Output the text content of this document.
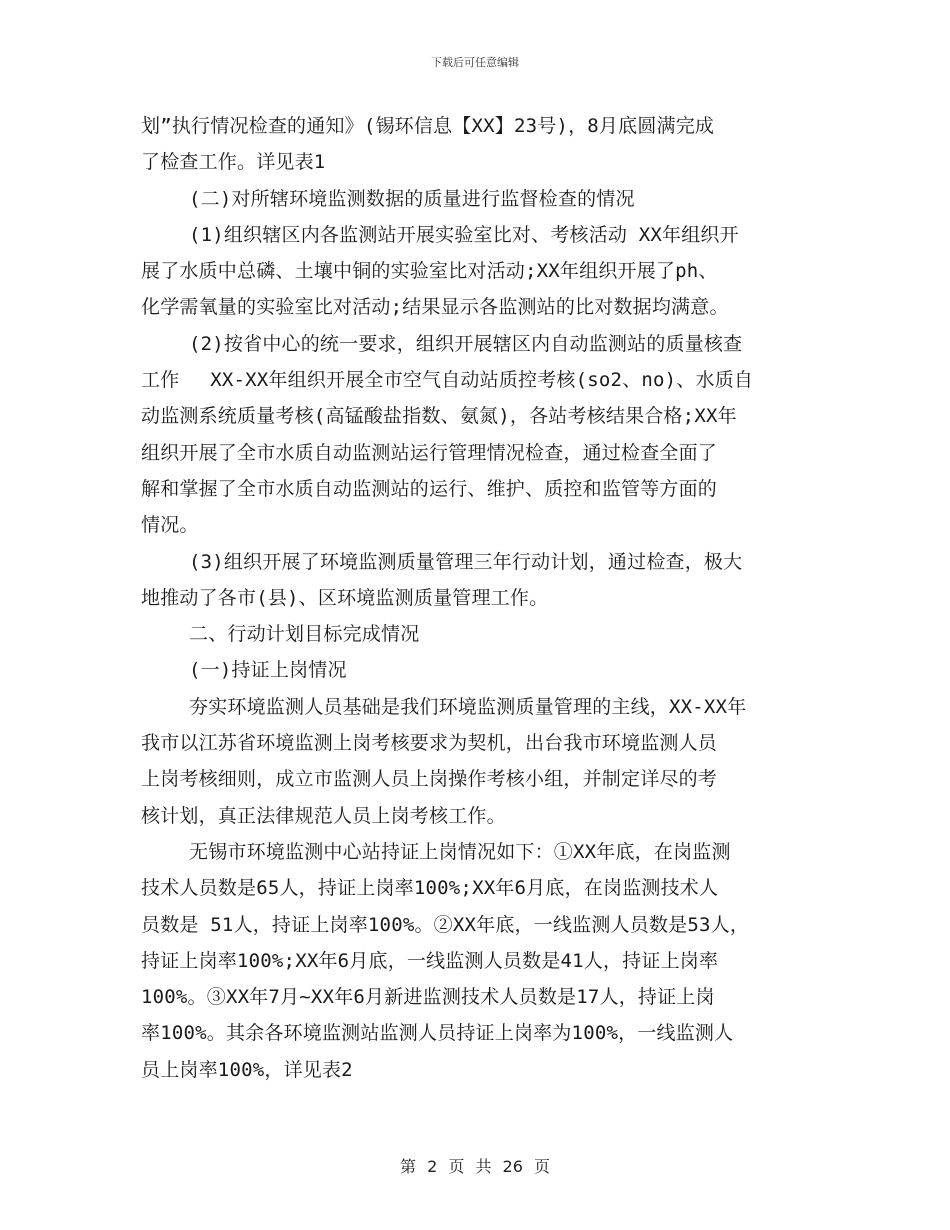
下载后可任意编辑
划”执行情况检查的通知》(锡环信息【XX】23号)，8月底圆满完成
了检查工作。详见表1
(二)对所辖环境监测数据的质量进行监督检查的情况
(1)组织辖区内各监测站开展实验室比对、考核活动 XX年组织开
展了水质中总磷、土壤中铜的实验室比对活动;XX年组织开展了ph、
化学需氧量的实验室比对活动;结果显示各监测站的比对数据均满意。
(2)按省中心的统一要求，组织开展辖区内自动监测站的质量核查
工作　 XX-XX年组织开展全市空气自动站质控考核(so2、no)、水质自
动监测系统质量考核(高锰酸盐指数、氨氮)，各站考核结果合格;XX年
组织开展了全市水质自动监测站运行管理情况检查，通过检查全面了
解和掌握了全市水质自动监测站的运行、维护、质控和监管等方面的
情况。
(3)组织开展了环境监测质量管理三年行动计划，通过检查，极大
地推动了各市(县)、区环境监测质量管理工作。
二、行动计划目标完成情况
(一)持证上岗情况
夯实环境监测人员基础是我们环境监测质量管理的主线，XX-XX年
我市以江苏省环境监测上岗考核要求为契机，出台我市环境监测人员
上岗考核细则，成立市监测人员上岗操作考核小组，并制定详尽的考
核计划，真正法律规范人员上岗考核工作。
无锡市环境监测中心站持证上岗情况如下：①XX年底，在岗监测
技术人员数是65人，持证上岗率100%;XX年6月底，在岗监测技术人
员数是 51人，持证上岗率100%。②XX年底，一线监测人员数是53人，
持证上岗率100%;XX年6月底，一线监测人员数是41人，持证上岗率
100%。③XX年7月~XX年6月新进监测技术人员数是17人，持证上岗
率100%。其余各环境监测站监测人员持证上岗率为100%，一线监测人
员上岗率100%，详见表2
第 2 页 共 26 页
